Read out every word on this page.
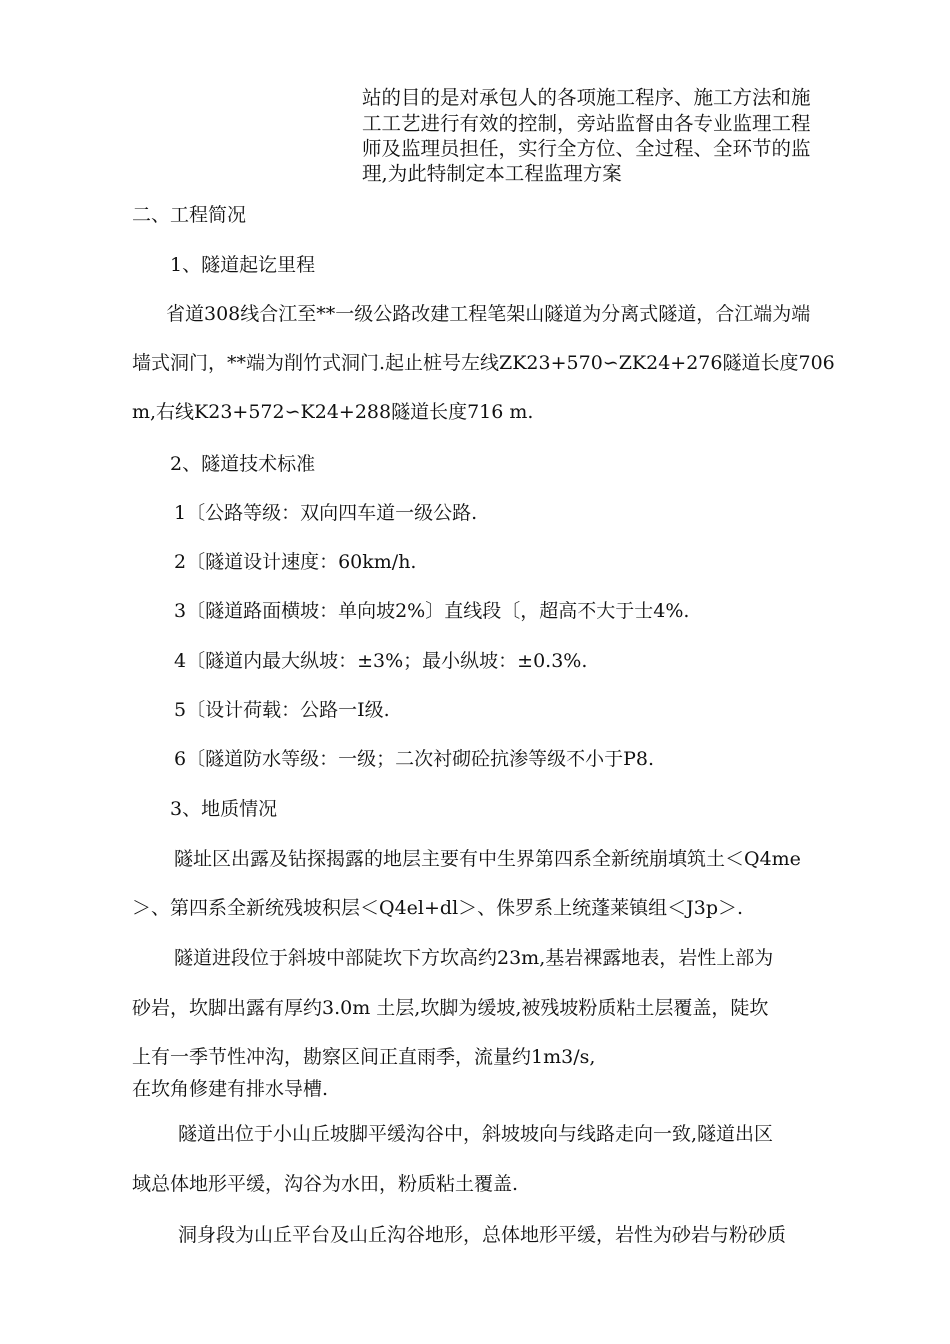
站的目的是对承包人的各项施工程序、施工方法和施
工工艺进行有效的控制，旁站监督由各专业监理工程
师及监理员担任，实行全方位、全过程、全环节的监
理,为此特制定本工程监理方案
二、工程简况
1、隧道起讫里程
省道308线合江至**一级公路改建工程笔架山隧道为分离式隧道，合江端为端
墙式洞门，**端为削竹式洞门.起止桩号左线ZK23+570∽ZK24+276隧道长度706
m,右线K23+572∽K24+288隧道长度716 m.
2、隧道技术标准
1〔公路等级：双向四车道一级公路.
2〔隧道设计速度：60km/h.
3〔隧道路面横坡：单向坡2%〕直线段〔，超高不大于士4%.
4〔隧道内最大纵坡：±3%；最小纵坡：±0.3%.
5〔设计荷载：公路一Ⅰ级.
6〔隧道防水等级：一级；二次衬砌砼抗渗等级不小于P8.
3、地质情况
隧址区出露及钻探揭露的地层主要有中生界第四系全新统崩填筑土＜Q4me
＞、第四系全新统残坡积层＜Q4el+dl＞、侏罗系上统蓬莱镇组＜J3p＞.
隧道进段位于斜坡中部陡坎下方坎高约23m,基岩裸露地表，岩性上部为
砂岩，坎脚出露有厚约3.0m 土层,坎脚为缓坡,被残坡粉质粘土层覆盖，陡坎
上有一季节性冲沟，勘察区间正直雨季，流量约1m3/s,
在坎角修建有排水导槽.
隧道出位于小山丘坡脚平缓沟谷中，斜坡坡向与线路走向一致,隧道出区
域总体地形平缓，沟谷为水田，粉质粘土覆盖.
洞身段为山丘平台及山丘沟谷地形，总体地形平缓，岩性为砂岩与粉砂质
